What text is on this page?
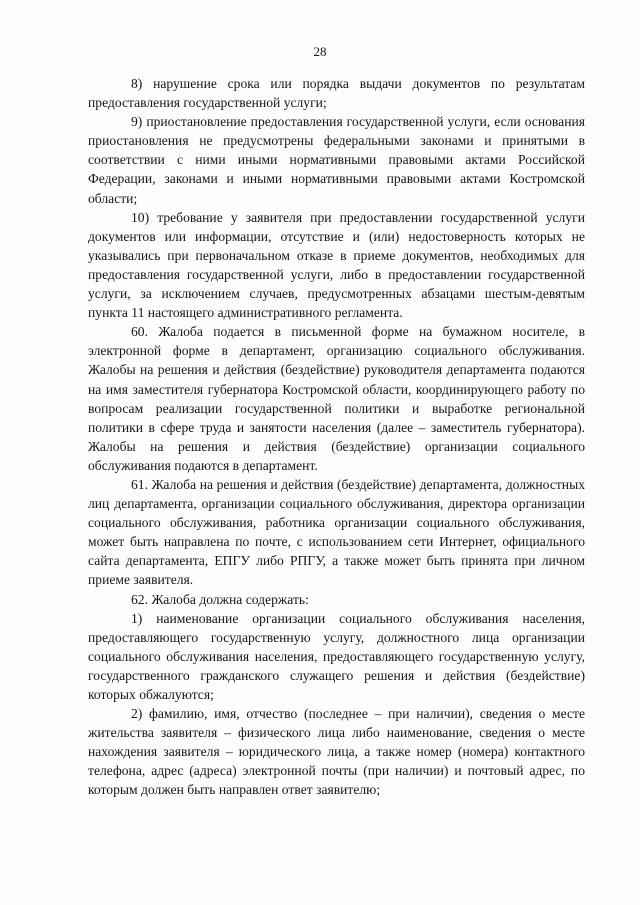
28

8) нарушение срока или порядка выдачи документов по результатам предоставления государственной услуги;

9) приостановление предоставления государственной услуги, если основания приостановления не предусмотрены федеральными законами и принятыми в соответствии с ними иными нормативными правовыми актами Российской Федерации, законами и иными нормативными правовыми актами Костромской области;

10) требование у заявителя при предоставлении государственной услуги документов или информации, отсутствие и (или) недостоверность которых не указывались при первоначальном отказе в приеме документов, необходимых для предоставления государственной услуги, либо в предоставлении государственной услуги, за исключением случаев, предусмотренных абзацами шестым-девятым пункта 11 настоящего административного регламента.

60. Жалоба подается в письменной форме на бумажном носителе, в электронной форме в департамент, организацию социального обслуживания. Жалобы на решения и действия (бездействие) руководителя департамента подаются на имя заместителя губернатора Костромской области, координирующего работу по вопросам реализации государственной политики и выработке региональной политики в сфере труда и занятости населения (далее – заместитель губернатора). Жалобы на решения и действия (бездействие) организации социального обслуживания подаются в департамент.

61. Жалоба на решения и действия (бездействие) департамента, должностных лиц департамента, организации социального обслуживания, директора организации социального обслуживания, работника организации социального обслуживания, может быть направлена по почте, с использованием сети Интернет, официального сайта департамента, ЕПГУ либо РПГУ, а также может быть принята при личном приеме заявителя.

62. Жалоба должна содержать:

1) наименование организации социального обслуживания населения, предоставляющего государственную услугу, должностного лица организации социального обслуживания населения, предоставляющего государственную услугу, государственного гражданского служащего решения и действия (бездействие) которых обжалуются;

2) фамилию, имя, отчество (последнее – при наличии), сведения о месте жительства заявителя – физического лица либо наименование, сведения о месте нахождения заявителя – юридического лица, а также номер (номера) контактного телефона, адрес (адреса) электронной почты (при наличии) и почтовый адрес, по которым должен быть направлен ответ заявителю;
